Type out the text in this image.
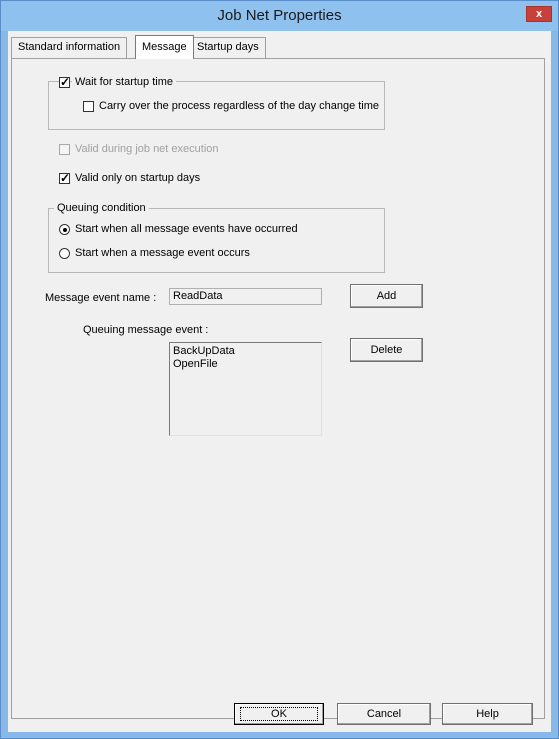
Job Net Properties	x
Standard information	Message Startup days
✓
Wait for startup time
Carry over the process regardless of the day change time
Valid during job net execution
✓
Valid only on startup days
Queuing condition
Start when all message events have occurred
Start when a message event occurs
Message event name :	ReadData	Add
Queuing message event :
BackUpData
OpenFile
Delete
OK	Cancel	Help
